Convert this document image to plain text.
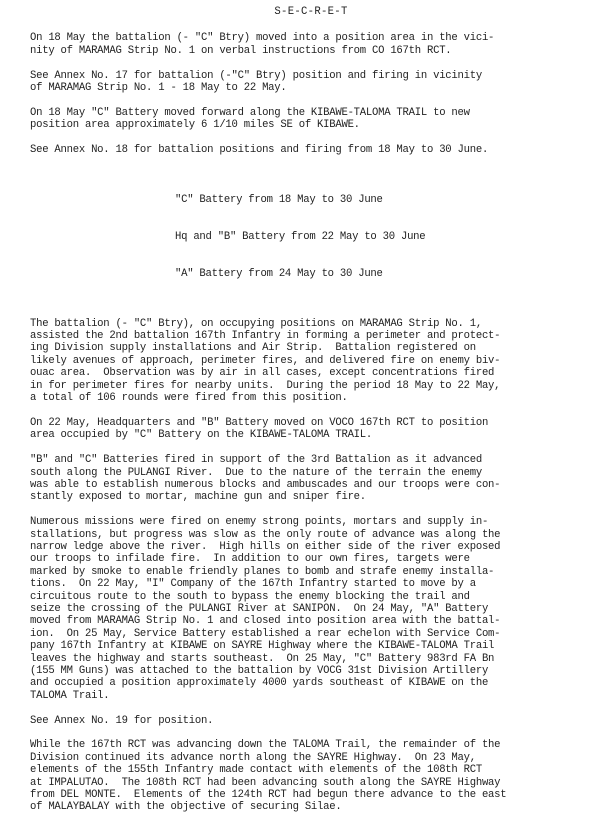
S-E-C-R-E-T
On 18 May the battalion (- "C" Btry) moved into a position area in the vici-
nity of MARAMAG Strip No. 1 on verbal instructions from CO 167th RCT.
See Annex No. 17 for battalion (-"C" Btry) position and firing in vicinity
of MARAMAG Strip No. 1 - 18 May to 22 May.
On 18 May "C" Battery moved forward along the KIBAWE-TALOMA TRAIL to new
position area approximately 6 1/10 miles SE of KIBAWE.
See Annex No. 18 for battalion positions and firing from 18 May to 30 June.

"C" Battery from 18 May to 30 June

Hq and "B" Battery from 22 May to 30 June

"A" Battery from 24 May to 30 June

The battalion (- "C" Btry), on occupying positions on MARAMAG Strip No. 1,
assisted the 2nd battalion 167th Infantry in forming a perimeter and protect-
ing Division supply installations and Air Strip.  Battalion registered on
likely avenues of approach, perimeter fires, and delivered fire on enemy biv-
ouac area.  Observation was by air in all cases, except concentrations fired
in for perimeter fires for nearby units.  During the period 18 May to 22 May,
a total of 106 rounds were fired from this position.
On 22 May, Headquarters and "B" Battery moved on VOCO 167th RCT to position
area occupied by "C" Battery on the KIBAWE-TALOMA TRAIL.
"B" and "C" Batteries fired in support of the 3rd Battalion as it advanced
south along the PULANGI River.  Due to the nature of the terrain the enemy
was able to establish numerous blocks and ambuscades and our troops were con-
stantly exposed to mortar, machine gun and sniper fire.
Numerous missions were fired on enemy strong points, mortars and supply in-
stallations, but progress was slow as the only route of advance was along the
narrow ledge above the river.  High hills on either side of the river exposed
our troops to infilade fire.  In addition to our own fires, targets were
marked by smoke to enable friendly planes to bomb and strafe enemy installa-
tions.  On 22 May, "I" Company of the 167th Infantry started to move by a
circuitous route to the south to bypass the enemy blocking the trail and
seize the crossing of the PULANGI River at SANIPON.  On 24 May, "A" Battery
moved from MARAMAG Strip No. 1 and closed into position area with the battal-
ion.  On 25 May, Service Battery established a rear echelon with Service Com-
pany 167th Infantry at KIBAWE on SAYRE Highway where the KIBAWE-TALOMA Trail
leaves the highway and starts southeast.  On 25 May, "C" Battery 983rd FA Bn
(155 MM Guns) was attached to the battalion by VOCG 31st Division Artillery
and occupied a position approximately 4000 yards southeast of KIBAWE on the
TALOMA Trail.
See Annex No. 19 for position.
While the 167th RCT was advancing down the TALOMA Trail, the remainder of the
Division continued its advance north along the SAYRE Highway.  On 23 May,
elements of the 155th Infantry made contact with elements of the 108th RCT
at IMPALUTAO.  The 108th RCT had been advancing south along the SAYRE Highway
from DEL MONTE.  Elements of the 124th RCT had begun there advance to the east
of MALAYBALAY with the objective of securing Silae.
